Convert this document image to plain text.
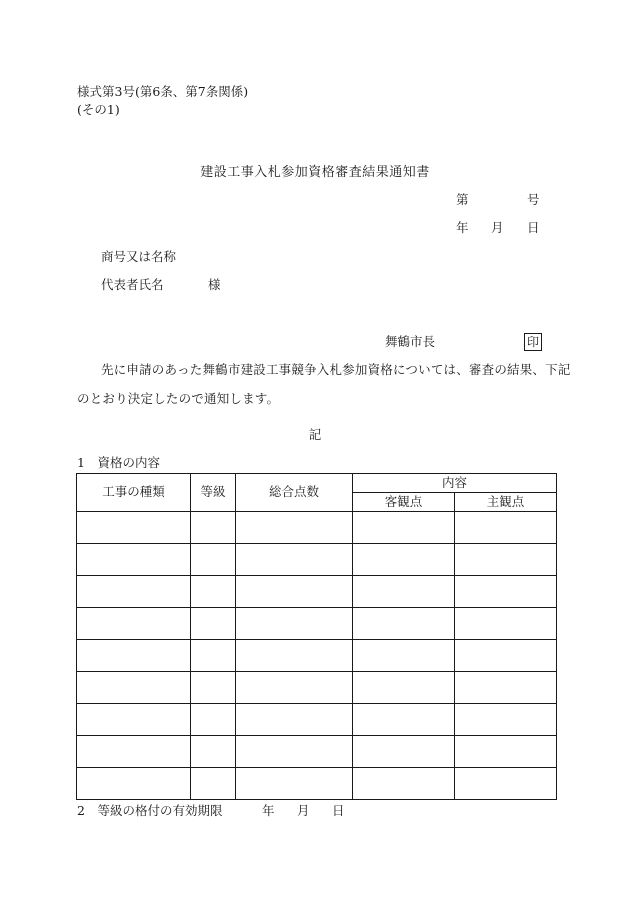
様式第3号(第6条、第7条関係)
(その1)
建設工事入札参加資格審査結果通知書
第	号
年 月 日
商号又は名称
代表者氏名	様
舞鶴市長	印
先に申請のあった舞鶴市建設工事競争入札参加資格については、審査の結果、下記
のとおり決定したので通知します。
記
1　資格の内容
工事の種類	等級	総合点数	内容	
			客観点	主観点

2　等級の格付の有効期限	年 月 日
